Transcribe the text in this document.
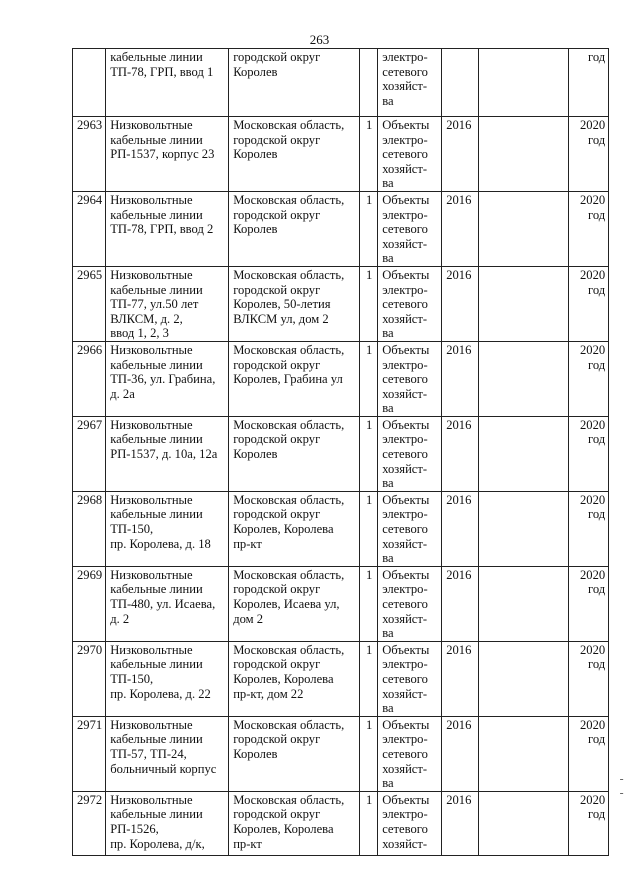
263
	кабельные линии
ТП-78, ГРП, ввод 1	городской округ
Королев		электро-
сетевого
хозяйст-
ва			год
2963	Низковольтные
кабельные линии
РП-1537, корпус 23	Московская область,
городской округ
Королев	1	Объекты
электро-
сетевого
хозяйст-
ва	2016		2020
год
2964	Низковольтные
кабельные линии
ТП-78, ГРП, ввод 2	Московская область,
городской округ
Королев	1	Объекты
электро-
сетевого
хозяйст-
ва	2016		2020
год
2965	Низковольтные
кабельные линии
ТП-77, ул.50 лет
ВЛКСМ, д. 2,
ввод 1, 2, 3	Московская область,
городской округ
Королев, 50-летия
ВЛКСМ ул, дом 2	1	Объекты
электро-
сетевого
хозяйст-
ва	2016		2020
год
2966	Низковольтные
кабельные линии
ТП-36, ул. Грабина,
д. 2а	Московская область,
городской округ
Королев, Грабина ул	1	Объекты
электро-
сетевого
хозяйст-
ва	2016		2020
год
2967	Низковольтные
кабельные линии
РП-1537, д. 10а, 12а	Московская область,
городской округ
Королев	1	Объекты
электро-
сетевого
хозяйст-
ва	2016		2020
год
2968	Низковольтные
кабельные линии
ТП-150,
пр. Королева, д. 18	Московская область,
городской округ
Королев, Королева
пр-кт	1	Объекты
электро-
сетевого
хозяйст-
ва	2016		2020
год
2969	Низковольтные
кабельные линии
ТП-480, ул. Исаева,
д. 2	Московская область,
городской округ
Королев, Исаева ул,
дом 2	1	Объекты
электро-
сетевого
хозяйст-
ва	2016		2020
год
2970	Низковольтные
кабельные линии
ТП-150,
пр. Королева, д. 22	Московская область,
городской округ
Королев, Королева
пр-кт, дом 22	1	Объекты
электро-
сетевого
хозяйст-
ва	2016		2020
год
2971	Низковольтные
кабельные линии
ТП-57, ТП-24,
больничный корпус	Московская область,
городской округ
Королев	1	Объекты
электро-
сетевого
хозяйст-
ва	2016		2020
год
2972	Низковольтные
кабельные линии
РП-1526,
пр. Королева, д/к,	Московская область,
городской округ
Королев, Королева
пр-кт	1	Объекты
электро-
сетевого
хозяйст-	2016		2020
год
- -
